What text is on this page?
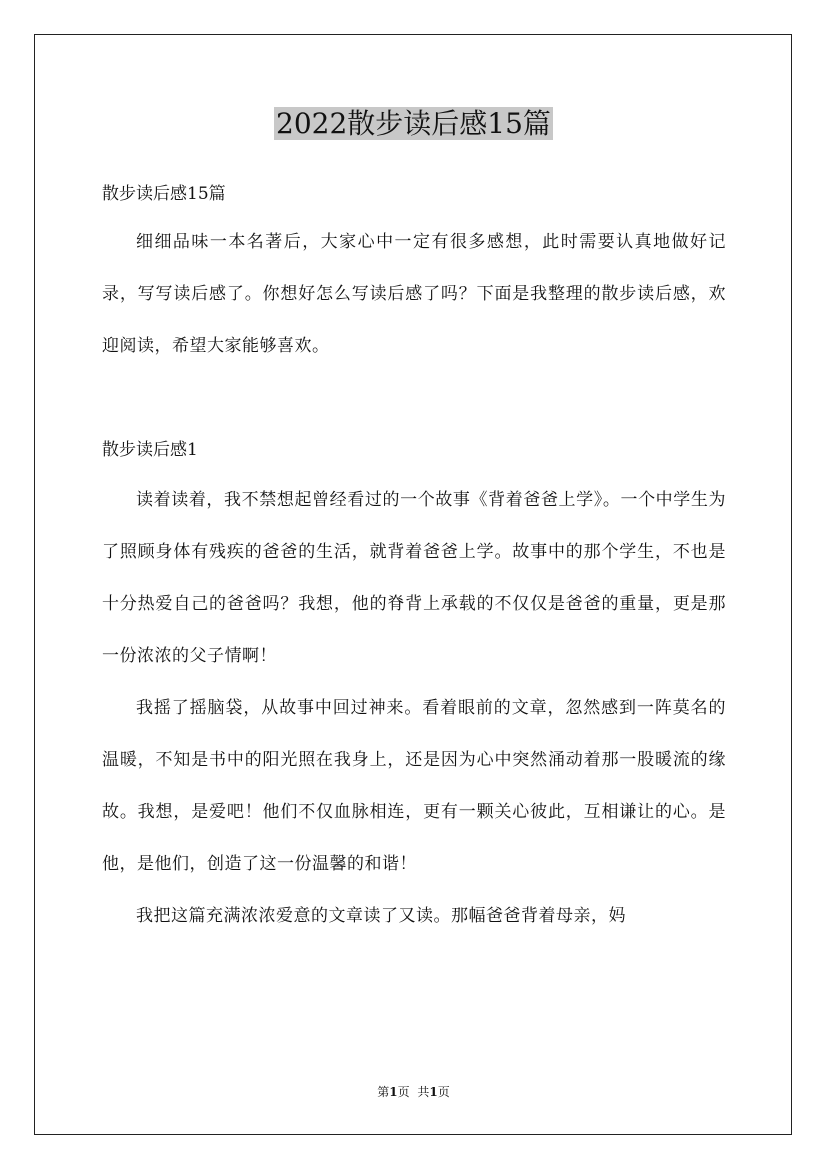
2022散步读后感15篇

散步读后感15篇

细细品味一本名著后，大家心中一定有很多感想，此时需要认真地做好记录，写写读后感了。你想好怎么写读后感了吗？下面是我整理的散步读后感，欢迎阅读，希望大家能够喜欢。

散步读后感1

读着读着，我不禁想起曾经看过的一个故事《背着爸爸上学》。一个中学生为了照顾身体有残疾的爸爸的生活，就背着爸爸上学。故事中的那个学生，不也是十分热爱自己的爸爸吗？我想，他的脊背上承载的不仅仅是爸爸的重量，更是那一份浓浓的父子情啊！

我摇了摇脑袋，从故事中回过神来。看着眼前的文章，忽然感到一阵莫名的温暖，不知是书中的阳光照在我身上，还是因为心中突然涌动着那一股暖流的缘故。我想，是爱吧！他们不仅血脉相连，更有一颗关心彼此，互相谦让的心。是他，是他们，创造了这一份温馨的和谐！

我把这篇充满浓浓爱意的文章读了又读。那幅爸爸背着母亲，妈

第1页 共1页
